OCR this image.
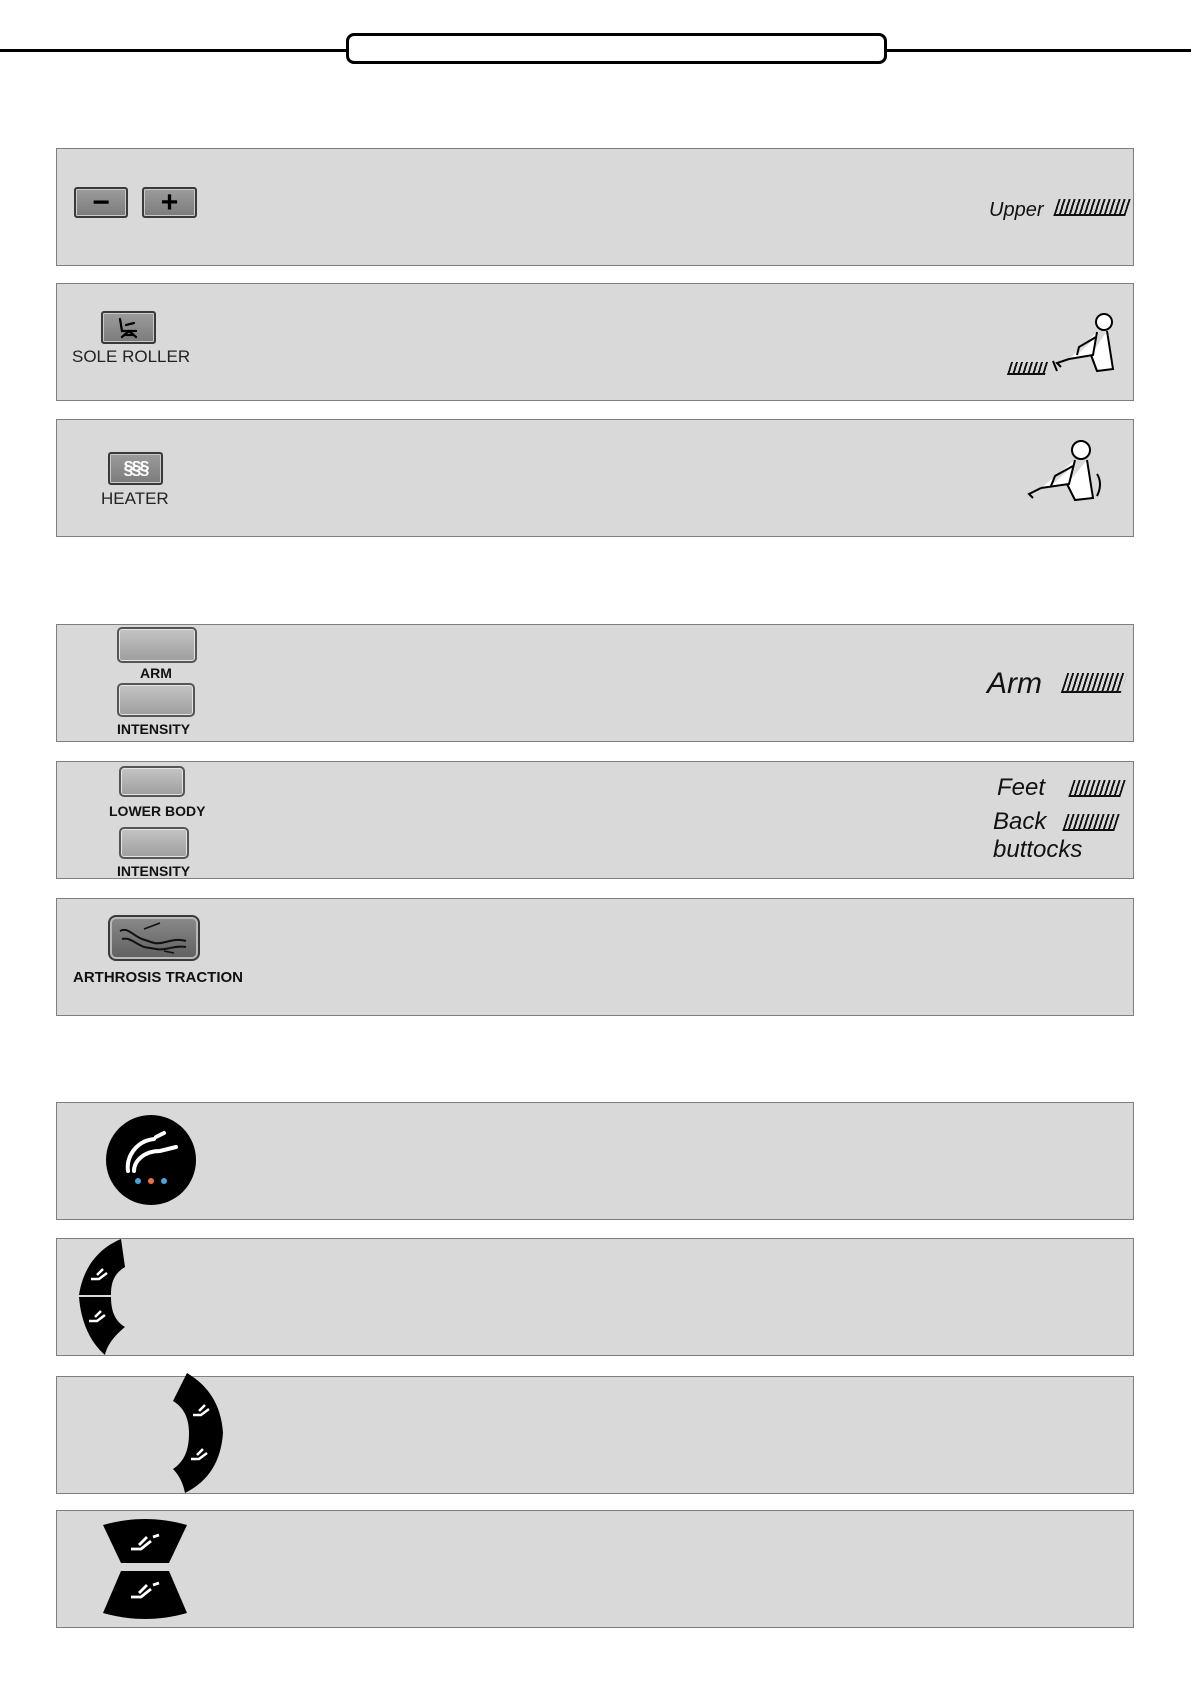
− +	Upper
SOLE ROLLER
§§§
HEATER
ARM
INTENSITY
Arm
LOWER BODY
INTENSITY
Feet
Back
buttocks
ARTHROSIS TRACTION
